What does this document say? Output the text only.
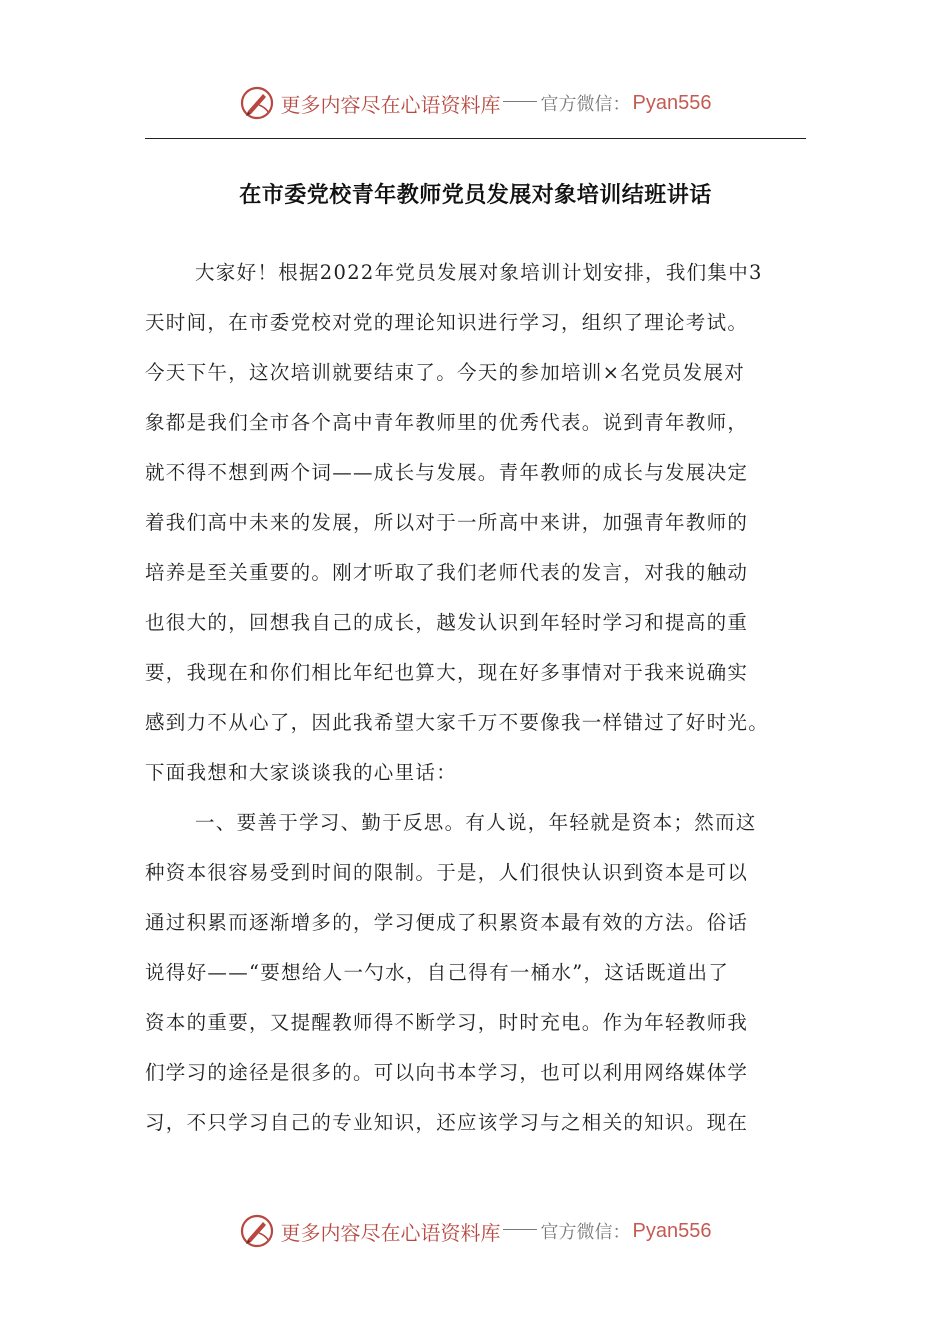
更多内容尽在心语资料库 官方微信： Pyan556
在市委党校青年教师党员发展对象培训结班讲话
大家好！根据2022年党员发展对象培训计划安排，我们集中3
天时间，在市委党校对党的理论知识进行学习，组织了理论考试。
今天下午，这次培训就要结束了。今天的参加培训×名党员发展对
象都是我们全市各个高中青年教师里的优秀代表。说到青年教师，
就不得不想到两个词——成长与发展。青年教师的成长与发展决定
着我们高中未来的发展，所以对于一所高中来讲，加强青年教师的
培养是至关重要的。刚才听取了我们老师代表的发言，对我的触动
也很大的，回想我自己的成长，越发认识到年轻时学习和提高的重
要，我现在和你们相比年纪也算大，现在好多事情对于我来说确实
感到力不从心了，因此我希望大家千万不要像我一样错过了好时光。
下面我想和大家谈谈我的心里话：
一、要善于学习、勤于反思。有人说，年轻就是资本；然而这
种资本很容易受到时间的限制。于是，人们很快认识到资本是可以
通过积累而逐渐增多的，学习便成了积累资本最有效的方法。俗话
说得好——“要想给人一勺水，自己得有一桶水”，这话既道出了
资本的重要，又提醒教师得不断学习，时时充电。作为年轻教师我
们学习的途径是很多的。可以向书本学习，也可以利用网络媒体学
习，不只学习自己的专业知识，还应该学习与之相关的知识。现在
更多内容尽在心语资料库 官方微信： Pyan556
